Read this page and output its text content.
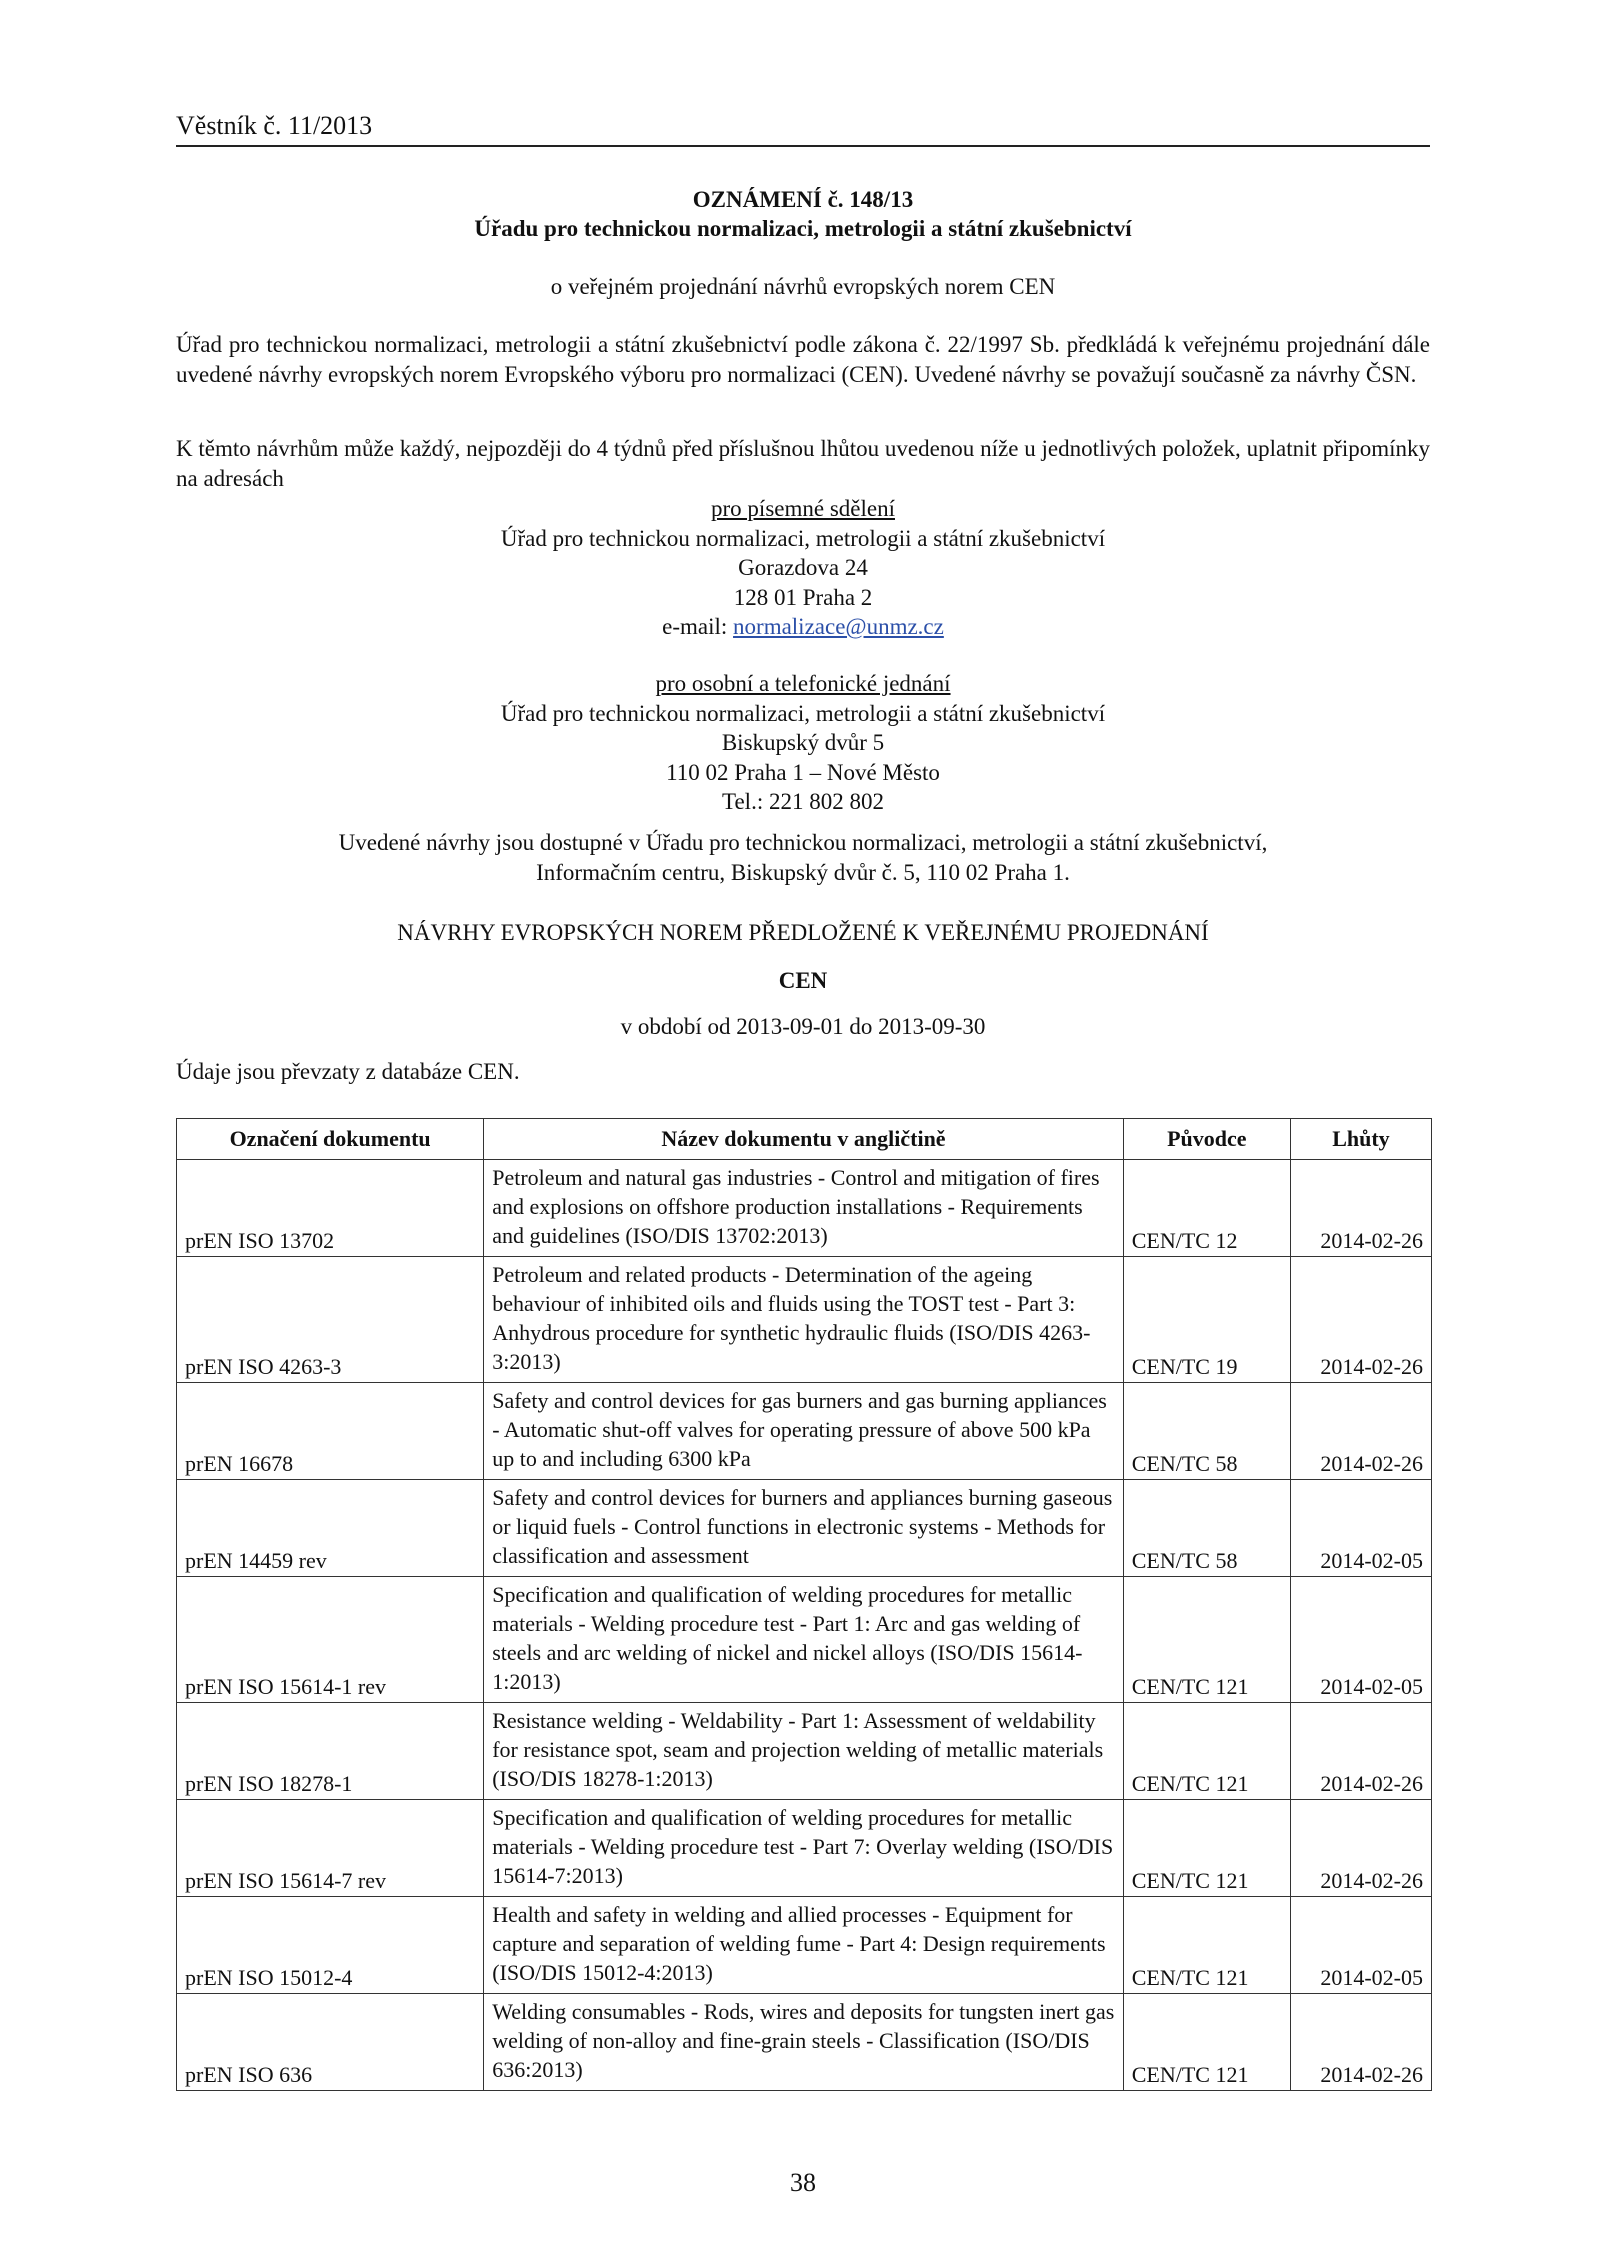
Věstník č. 11/2013
OZNÁMENÍ č. 148/13
Úřadu pro technickou normalizaci, metrologii a státní zkušebnictví
o veřejném projednání návrhů evropských norem CEN
Úřad pro technickou normalizaci, metrologii a státní zkušebnictví podle zákona č. 22/1997 Sb. předkládá k veřejnému projednání dále uvedené návrhy evropských norem Evropského výboru pro normalizaci (CEN). Uvedené návrhy se považují současně za návrhy ČSN.
K těmto návrhům může každý, nejpozději do 4 týdnů před příslušnou lhůtou uvedenou níže u jednotlivých položek, uplatnit připomínky na adresách
pro písemné sdělení
Úřad pro technickou normalizaci, metrologii a státní zkušebnictví
Gorazdova 24
128 01 Praha 2
e-mail: normalizace@unmz.cz
pro osobní a telefonické jednání
Úřad pro technickou normalizaci, metrologii a státní zkušebnictví
Biskupský dvůr 5
110 02 Praha 1 – Nové Město
Tel.: 221 802 802
Uvedené návrhy jsou dostupné v Úřadu pro technickou normalizaci, metrologii a státní zkušebnictví,
Informačním centru, Biskupský dvůr č. 5, 110 02 Praha 1.
NÁVRHY EVROPSKÝCH NOREM PŘEDLOŽENÉ K VEŘEJNÉMU PROJEDNÁNÍ
CEN
v období od 2013-09-01 do 2013-09-30
Údaje jsou převzaty z databáze CEN.
Označení dokumentu	Název dokumentu v angličtině	Původce	Lhůty
prEN ISO 13702	Petroleum and natural gas industries - Control and mitigation of fires and explosions on offshore production installations - Requirements and guidelines (ISO/DIS 13702:2013)	CEN/TC 12	2014-02-26
prEN ISO 4263-3	Petroleum and related products - Determination of the ageing behaviour of inhibited oils and fluids using the TOST test - Part 3: Anhydrous procedure for synthetic hydraulic fluids (ISO/DIS 4263-3:2013)	CEN/TC 19	2014-02-26
prEN 16678	Safety and control devices for gas burners and gas burning appliances - Automatic shut-off valves for operating pressure of above 500 kPa up to and including 6300 kPa	CEN/TC 58	2014-02-26
prEN 14459 rev	Safety and control devices for burners and appliances burning gaseous or liquid fuels - Control functions in electronic systems - Methods for classification and assessment	CEN/TC 58	2014-02-05
prEN ISO 15614-1 rev	Specification and qualification of welding procedures for metallic materials - Welding procedure test - Part 1: Arc and gas welding of steels and arc welding of nickel and nickel alloys (ISO/DIS 15614-1:2013)	CEN/TC 121	2014-02-05
prEN ISO 18278-1	Resistance welding - Weldability - Part 1: Assessment of weldability for resistance spot, seam and projection welding of metallic materials (ISO/DIS 18278-1:2013)	CEN/TC 121	2014-02-26
prEN ISO 15614-7 rev	Specification and qualification of welding procedures for metallic materials - Welding procedure test - Part 7: Overlay welding (ISO/DIS 15614-7:2013)	CEN/TC 121	2014-02-26
prEN ISO 15012-4	Health and safety in welding and allied processes - Equipment for capture and separation of welding fume - Part 4: Design requirements (ISO/DIS 15012-4:2013)	CEN/TC 121	2014-02-05
prEN ISO 636	Welding consumables - Rods, wires and deposits for tungsten inert gas welding of non-alloy and fine-grain steels - Classification (ISO/DIS 636:2013)	CEN/TC 121	2014-02-26
38
